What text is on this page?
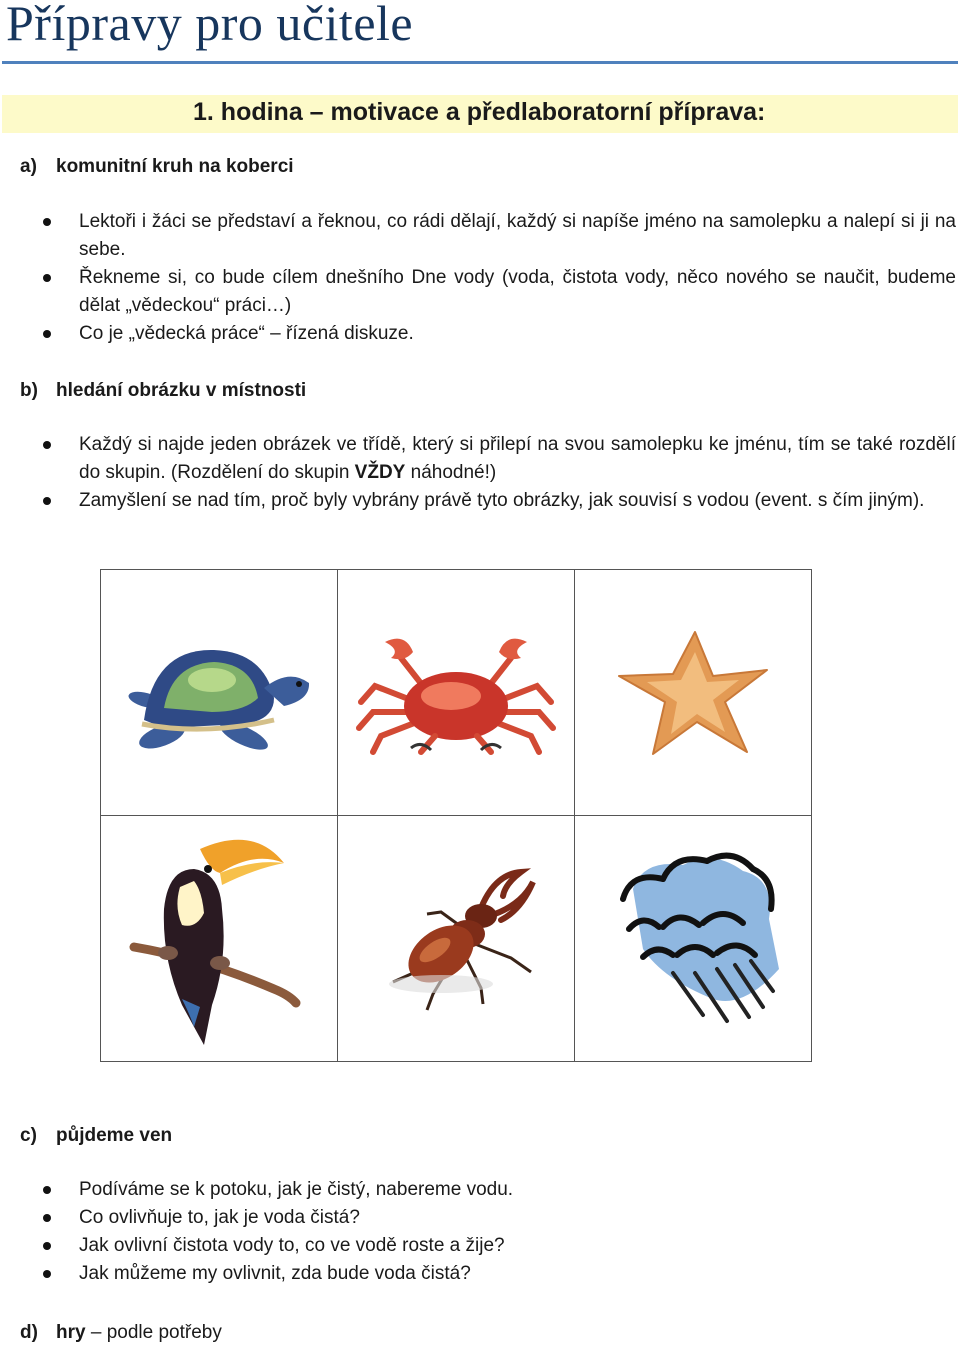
Přípravy pro učitele
1. hodina – motivace a předlaboratorní příprava:
a) komunitní kruh na koberci
Lektoři i žáci se představí a řeknou, co rádi dělají, každý si napíše jméno na samolepku a nalepí si ji na sebe.
Řekneme si, co bude cílem dnešního Dne vody (voda, čistota vody, něco nového se naučit, budeme dělat „vědeckou“ práci…)
Co je „vědecká práce“ – řízená diskuze.
b) hledání obrázku v místnosti
Každý si najde jeden obrázek ve třídě, který si přilepí na svou samolepku ke jménu, tím se také rozdělí do skupin. (Rozdělení do skupin VŽDY náhodné!)
Zamyšlení se nad tím, proč byly vybrány právě tyto obrázky, jak souvisí s vodou (event. s čím jiným).
c) půjdeme ven
Podíváme se k potoku, jak je čistý, nabereme vodu.
Co ovlivňuje to, jak je voda čistá?
Jak ovlivní čistota vody to, co ve vodě roste a žije?
Jak můžeme my ovlivnit, zda bude voda čistá?
d) hry – podle potřeby
